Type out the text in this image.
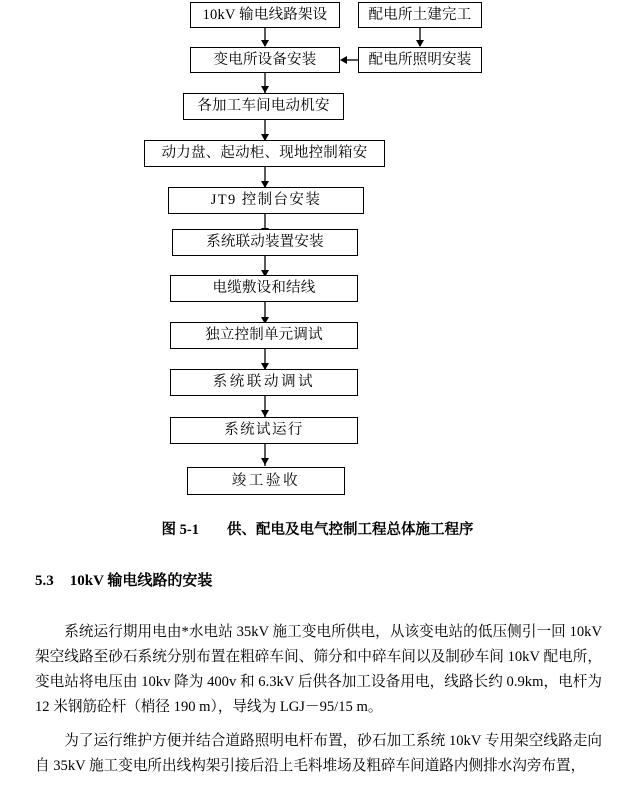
10kV 输电线路架设	配电所土建完工
变电所设备安装	配电所照明安装
各加工车间电动机安
动力盘、起动柜、现地控制箱安
JT9 控制台安装
系统联动装置安装
电缆敷设和结线
独立控制单元调试
系统联动调试
系统试运行
竣工验收
图 5-1 供、配电及电气控制工程总体施工程序
5.3 10kV 输电线路的安装

系统运行期用电由*水电站 35kV 施工变电所供电，从该变电站的低压侧引一回 10kV 架空线路至砂石系统分别布置在粗碎车间、筛分和中碎车间以及制砂车间 10kV 配电所，变电站将电压由 10kv 降为 400v 和 6.3kV 后供各加工设备用电，线路长约 0.9km，电杆为 12 米钢筋砼杆（梢径 190 m），导线为 LGJ－95/15 m。

为了运行维护方便并结合道路照明电杆布置，砂石加工系统 10kV 专用架空线路走向自 35kV 施工变电所出线构架引接后沿上毛料堆场及粗碎车间道路内侧排水沟旁布置，
